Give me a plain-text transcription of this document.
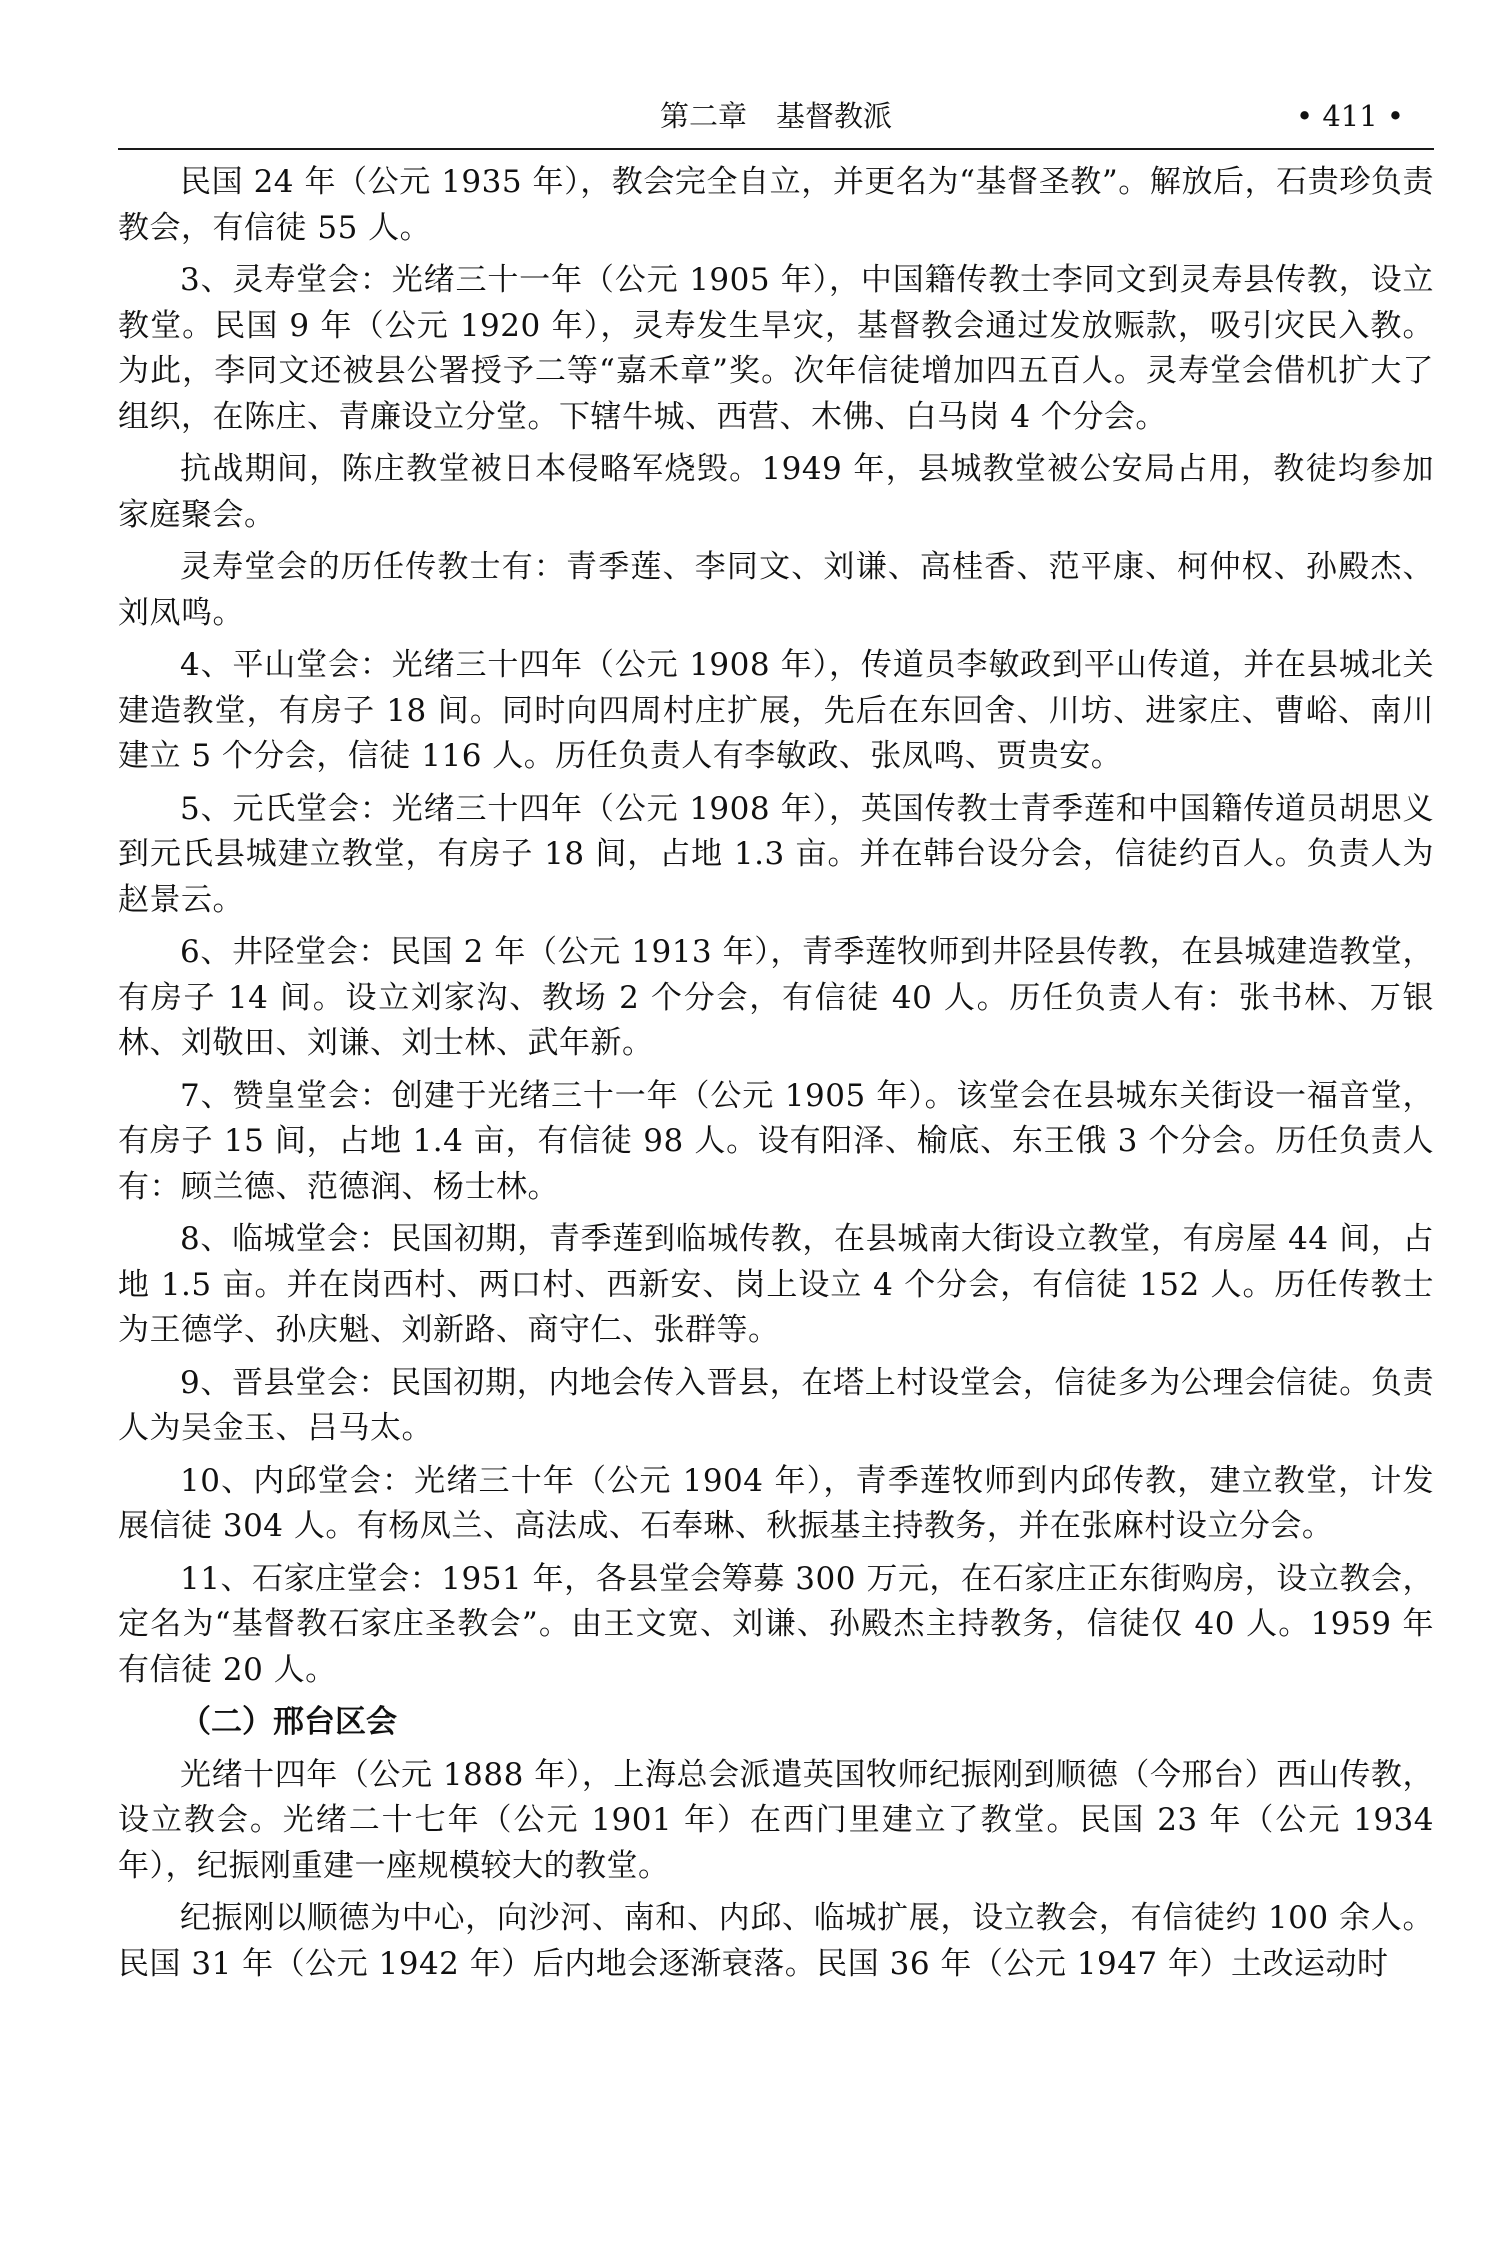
第二章　基督教派	• 411 •

民国 24 年（公元 1935 年），教会完全自立，并更名为“基督圣教”。解放后，石贵珍负责教会，有信徒 55 人。

3、灵寿堂会：光绪三十一年（公元 1905 年），中国籍传教士李同文到灵寿县传教，设立教堂。民国 9 年（公元 1920 年），灵寿发生旱灾，基督教会通过发放赈款，吸引灾民入教。为此，李同文还被县公署授予二等“嘉禾章”奖。次年信徒增加四五百人。灵寿堂会借机扩大了组织，在陈庄、青廉设立分堂。下辖牛城、西营、木佛、白马岗 4 个分会。

抗战期间，陈庄教堂被日本侵略军烧毁。1949 年，县城教堂被公安局占用，教徒均参加家庭聚会。

灵寿堂会的历任传教士有：青季莲、李同文、刘谦、高桂香、范平康、柯仲权、孙殿杰、刘凤鸣。

4、平山堂会：光绪三十四年（公元 1908 年），传道员李敏政到平山传道，并在县城北关建造教堂，有房子 18 间。同时向四周村庄扩展，先后在东回舍、川坊、进家庄、曹峪、南川建立 5 个分会，信徒 116 人。历任负责人有李敏政、张凤鸣、贾贵安。

5、元氏堂会：光绪三十四年（公元 1908 年），英国传教士青季莲和中国籍传道员胡思义到元氏县城建立教堂，有房子 18 间，占地 1.3 亩。并在韩台设分会，信徒约百人。负责人为赵景云。

6、井陉堂会：民国 2 年（公元 1913 年），青季莲牧师到井陉县传教，在县城建造教堂，有房子 14 间。设立刘家沟、教场 2 个分会，有信徒 40 人。历任负责人有：张书林、万银林、刘敬田、刘谦、刘士林、武年新。

7、赞皇堂会：创建于光绪三十一年（公元 1905 年）。该堂会在县城东关街设一福音堂，有房子 15 间，占地 1.4 亩，有信徒 98 人。设有阳泽、榆底、东王俄 3 个分会。历任负责人有：顾兰德、范德润、杨士林。

8、临城堂会：民国初期，青季莲到临城传教，在县城南大街设立教堂，有房屋 44 间，占地 1.5 亩。并在岗西村、两口村、西新安、岗上设立 4 个分会，有信徒 152 人。历任传教士为王德学、孙庆魁、刘新路、商守仁、张群等。

9、晋县堂会：民国初期，内地会传入晋县，在塔上村设堂会，信徒多为公理会信徒。负责人为吴金玉、吕马太。

10、内邱堂会：光绪三十年（公元 1904 年），青季莲牧师到内邱传教，建立教堂，计发展信徒 304 人。有杨凤兰、高法成、石奉琳、秋振基主持教务，并在张麻村设立分会。

11、石家庄堂会：1951 年，各县堂会筹募 300 万元，在石家庄正东街购房，设立教会，定名为“基督教石家庄圣教会”。由王文宽、刘谦、孙殿杰主持教务，信徒仅 40 人。1959 年有信徒 20 人。

（二）邢台区会

光绪十四年（公元 1888 年），上海总会派遣英国牧师纪振刚到顺德（今邢台）西山传教，设立教会。光绪二十七年（公元 1901 年）在西门里建立了教堂。民国 23 年（公元 1934 年），纪振刚重建一座规模较大的教堂。

纪振刚以顺德为中心，向沙河、南和、内邱、临城扩展，设立教会，有信徒约 100 余人。民国 31 年（公元 1942 年）后内地会逐渐衰落。民国 36 年（公元 1947 年）土改运动时
